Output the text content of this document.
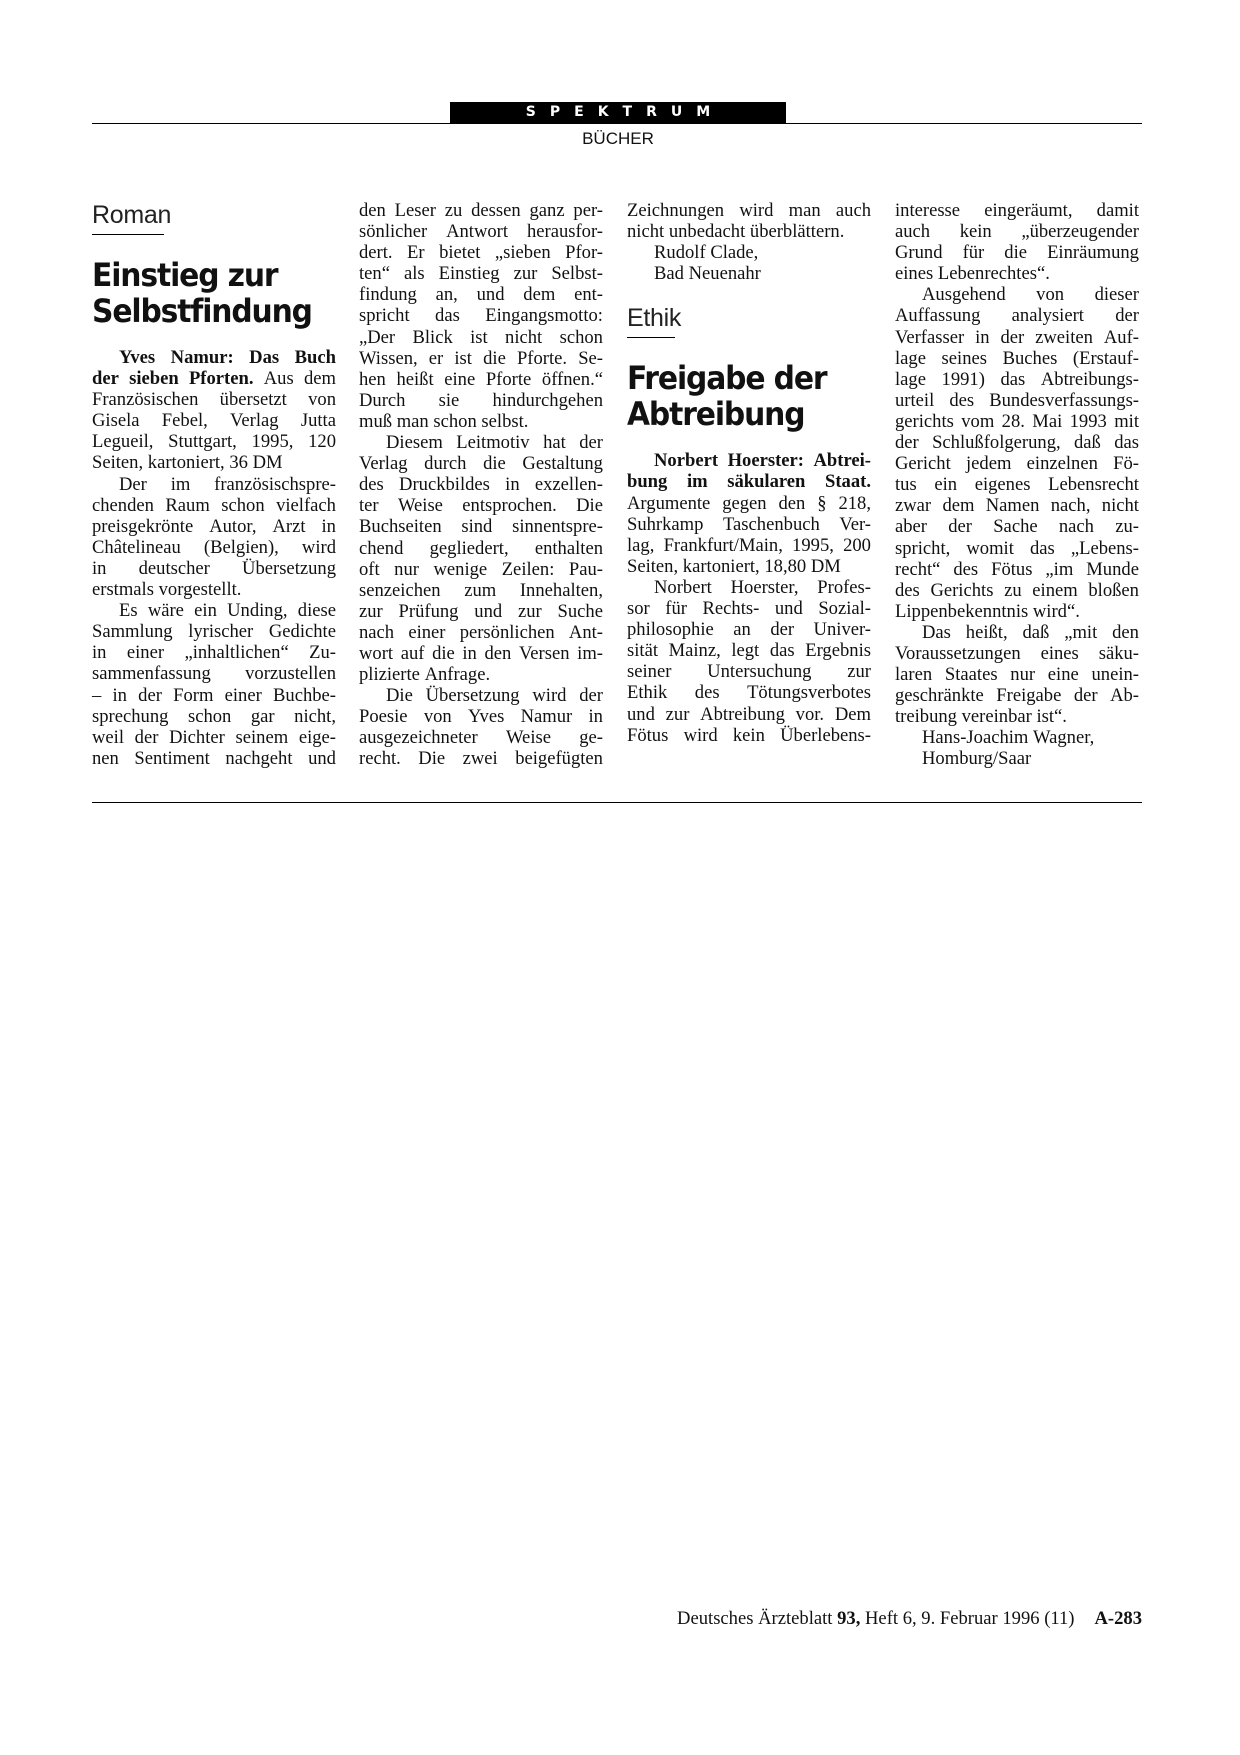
SPEKTRUM
BÜCHER
Roman
Einstieg zur
Selbstfindung
Yves Namur: Das Buch
der sieben Pforten. Aus dem
Französischen übersetzt von
Gisela Febel, Verlag Jutta
Legueil, Stuttgart, 1995, 120
Seiten, kartoniert, 36 DM
Der im französischspre-
chenden Raum schon vielfach
preisgekrönte Autor, Arzt in
Châtelineau (Belgien), wird
in deutscher Übersetzung
erstmals vorgestellt.
Es wäre ein Unding, diese
Sammlung lyrischer Gedichte
in einer „inhaltlichen“ Zu-
sammenfassung vorzustellen
– in der Form einer Buchbe-
sprechung schon gar nicht,
weil der Dichter seinem eige-
nen Sentiment nachgeht und
den Leser zu dessen ganz per-
sönlicher Antwort herausfor-
dert. Er bietet „sieben Pfor-
ten“ als Einstieg zur Selbst-
findung an, und dem ent-
spricht das Eingangsmotto:
„Der Blick ist nicht schon
Wissen, er ist die Pforte. Se-
hen heißt eine Pforte öffnen.“
Durch sie hindurchgehen
muß man schon selbst.
Diesem Leitmotiv hat der
Verlag durch die Gestaltung
des Druckbildes in exzellen-
ter Weise entsprochen. Die
Buchseiten sind sinnentspre-
chend gegliedert, enthalten
oft nur wenige Zeilen: Pau-
senzeichen zum Innehalten,
zur Prüfung und zur Suche
nach einer persönlichen Ant-
wort auf die in den Versen im-
plizierte Anfrage.
Die Übersetzung wird der
Poesie von Yves Namur in
ausgezeichneter Weise ge-
recht. Die zwei beigefügten
Zeichnungen wird man auch
nicht unbedacht überblättern.
Rudolf Clade,
Bad Neuenahr
Ethik
Freigabe der
Abtreibung
Norbert Hoerster: Abtrei-
bung im säkularen Staat.
Argumente gegen den § 218,
Suhrkamp Taschenbuch Ver-
lag, Frankfurt/Main, 1995, 200
Seiten, kartoniert, 18,80 DM
Norbert Hoerster, Profes-
sor für Rechts- und Sozial-
philosophie an der Univer-
sität Mainz, legt das Ergebnis
seiner Untersuchung zur
Ethik des Tötungsverbotes
und zur Abtreibung vor. Dem
Fötus wird kein Überlebens-
interesse eingeräumt, damit
auch kein „überzeugender
Grund für die Einräumung
eines Lebenrechtes“.
Ausgehend von dieser
Auffassung analysiert der
Verfasser in der zweiten Auf-
lage seines Buches (Erstauf-
lage 1991) das Abtreibungs-
urteil des Bundesverfassungs-
gerichts vom 28. Mai 1993 mit
der Schlußfolgerung, daß das
Gericht jedem einzelnen Fö-
tus ein eigenes Lebensrecht
zwar dem Namen nach, nicht
aber der Sache nach zu-
spricht, womit das „Lebens-
recht“ des Fötus „im Munde
des Gerichts zu einem bloßen
Lippenbekenntnis wird“.
Das heißt, daß „mit den
Voraussetzungen eines säku-
laren Staates nur eine unein-
geschränkte Freigabe der Ab-
treibung vereinbar ist“.
Hans-Joachim Wagner,
Homburg/Saar
Deutsches Ärzteblatt 93, Heft 6, 9. Februar 1996 (11) A-283
